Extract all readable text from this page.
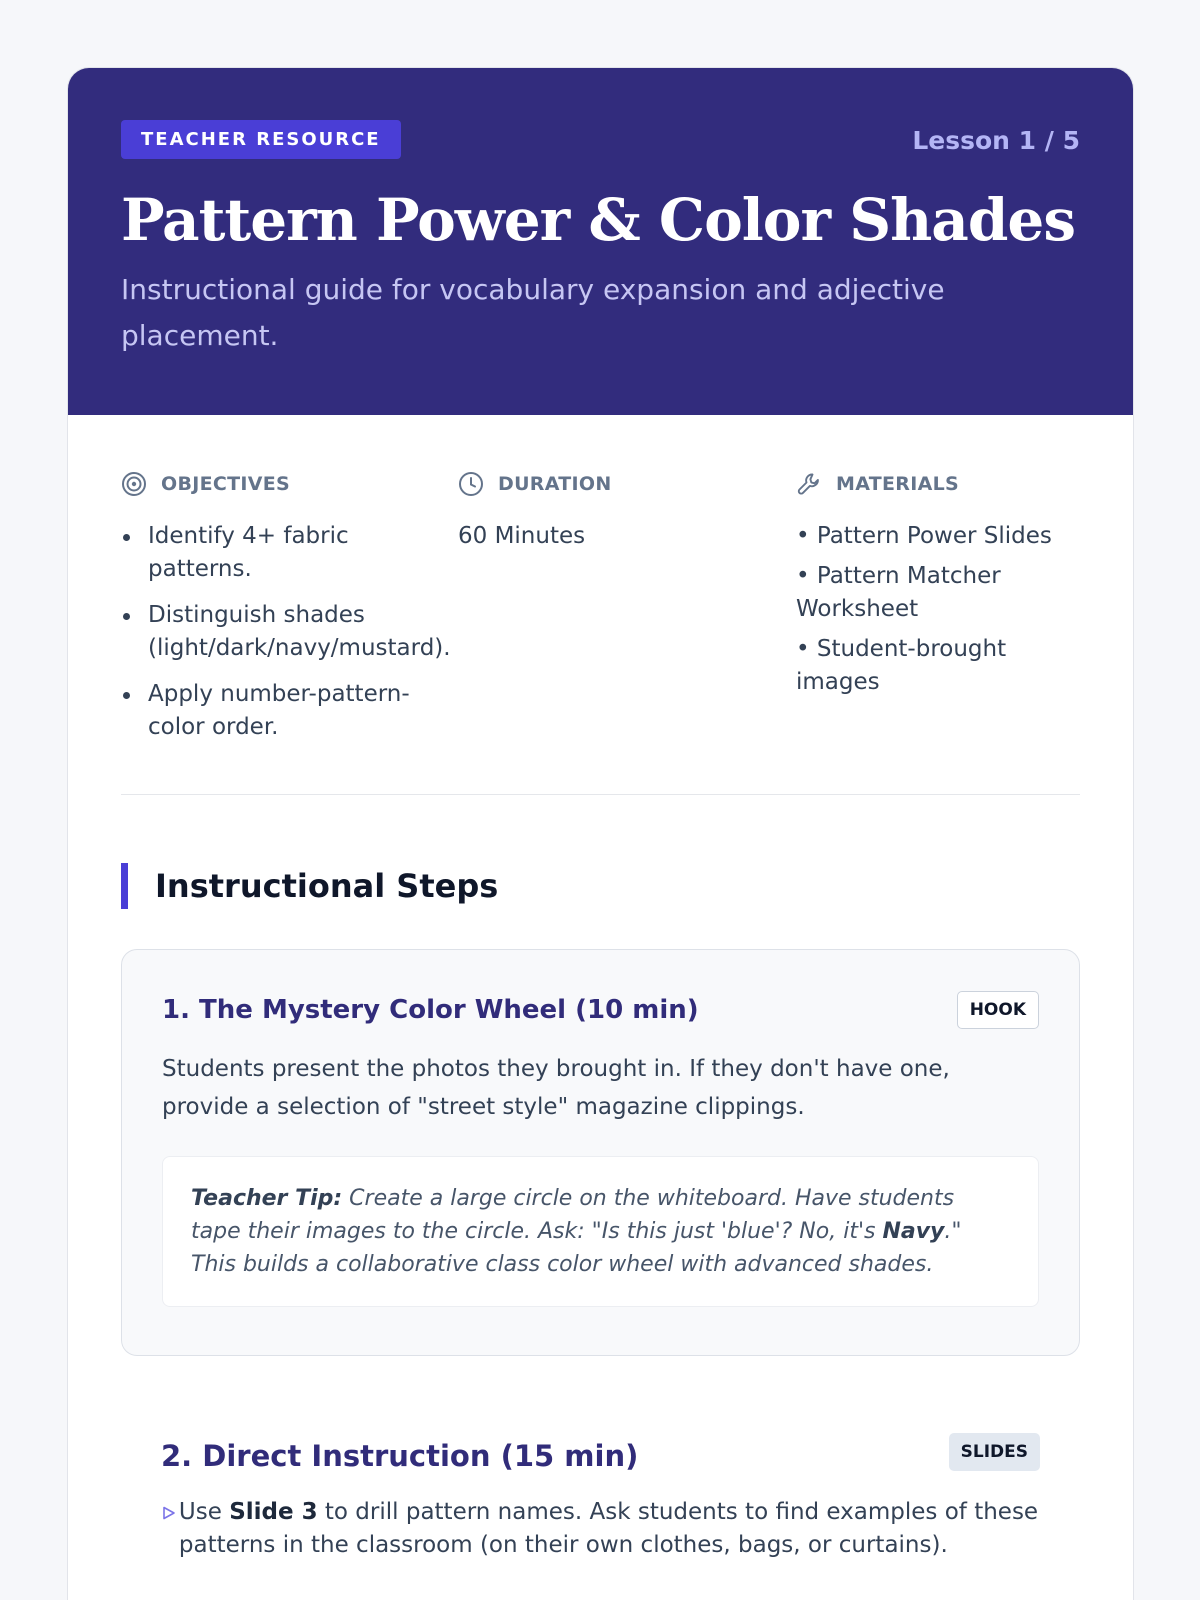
TEACHER RESOURCE	Lesson 1 / 5
Pattern Power & Color Shades

Instructional guide for vocabulary expansion and adjective placement.

OBJECTIVES
Identify 4+ fabric patterns.
Distinguish shades (light/dark/navy/mustard).
Apply number-pattern-color order.
DURATION
60 Minutes
MATERIALS
• Pattern Power Slides
• Pattern Matcher Worksheet
• Student-brought images
Instructional Steps
1. The Mystery Color Wheel (10 min)	HOOK

Students present the photos they brought in. If they don't have one, provide a selection of "street style" magazine clippings.

Teacher Tip: Create a large circle on the whiteboard. Have students tape their images to the circle. Ask: "Is this just 'blue'? No, it's Navy." This builds a collaborative class color wheel with advanced shades.
2. Direct Instruction (15 min)	SLIDES
Use Slide 3 to drill pattern names. Ask students to find examples of these patterns in the classroom (on their own clothes, bags, or curtains).
